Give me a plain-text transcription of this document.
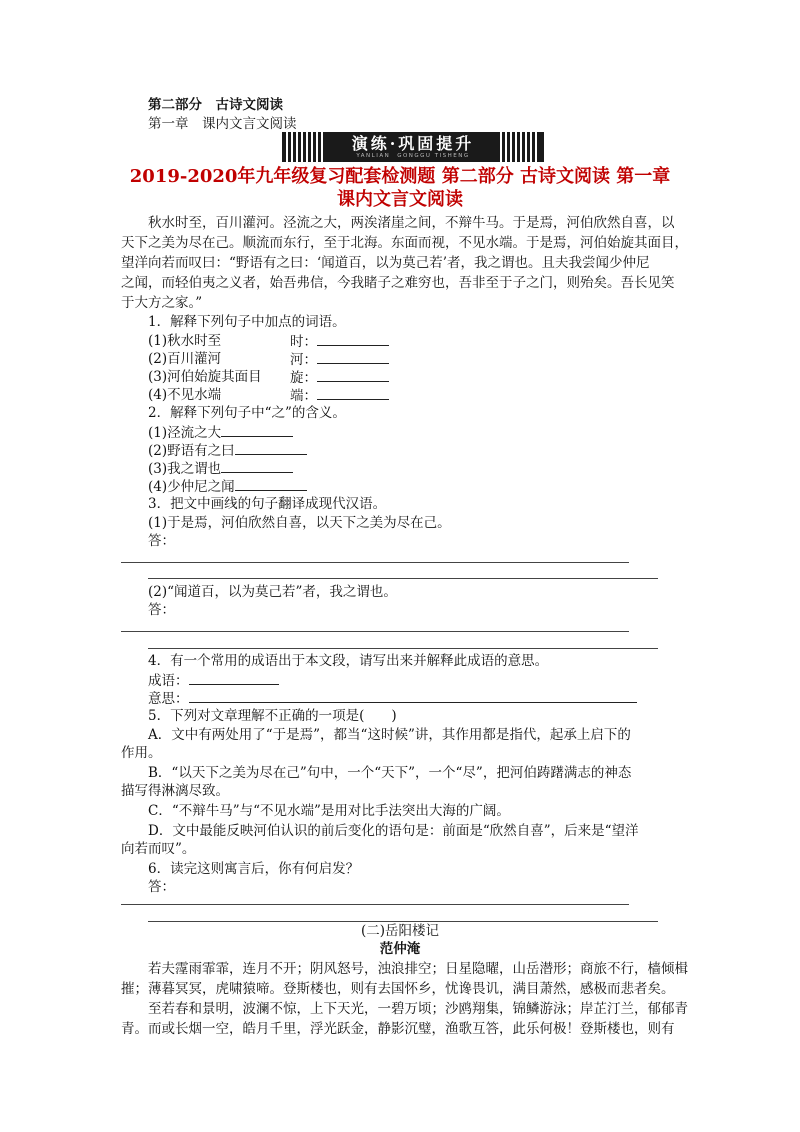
第二部分　古诗文阅读
第一章　课内文言文阅读
演练·巩固提升
YANLIAN　GONGGU TISHENG
2019-2020年九年级复习配套检测题 第二部分 古诗文阅读 第一章
课内文言文阅读
秋水时至，百川灌河。泾流之大，两涘渚崖之间，不辩牛马。于是焉，河伯欣然自喜，以
天下之美为尽在己。顺流而东行，至于北海。东面而视，不见水端。于是焉，河伯始旋其面目，
望洋向若而叹曰：“野语有之曰：‘闻道百，以为莫己若’者，我之谓也。且夫我尝闻少仲尼
之闻，而轻伯夷之义者，始吾弗信，今我睹子之难穷也，吾非至于子之门，则殆矣。吾长见笑
于大方之家。”
1．解释下列句子中加点的词语。
(1)秋水时至	时：
(2)百川灌河	河：
(3)河伯始旋其面目 旋：
(4)不见水端	端：
2．解释下列句子中“之”的含义。
(1)泾流之大
(2)野语有之曰
(3)我之谓也
(4)少仲尼之闻
3．把文中画线的句子翻译成现代汉语。
(1)于是焉，河伯欣然自喜，以天下之美为尽在己。
答：
(2)“闻道百，以为莫己若”者，我之谓也。
答：
4．有一个常用的成语出于本文段，请写出来并解释此成语的意思。
成语：
意思：
5．下列对文章理解不正确的一项是(　　)
A．文中有两处用了“于是焉”，都当“这时候”讲，其作用都是指代，起承上启下的
作用。
B．“以天下之美为尽在己”句中，一个“天下”，一个“尽”，把河伯踌躇满志的神态
描写得淋漓尽致。
C．“不辩牛马”与“不见水端”是用对比手法突出大海的广阔。
D．文中最能反映河伯认识的前后变化的语句是：前面是“欣然自喜”，后来是“望洋
向若而叹”。
6．读完这则寓言后，你有何启发？
答：
(二)岳阳楼记
范仲淹
若夫霪雨霏霏，连月不开；阴风怒号，浊浪排空；日星隐曜，山岳潜形；商旅不行，樯倾楫
摧；薄暮冥冥，虎啸猿啼。登斯楼也，则有去国怀乡，忧谗畏讥，满目萧然，感极而悲者矣。
至若春和景明，波澜不惊，上下天光，一碧万顷；沙鸥翔集，锦鳞游泳；岸芷汀兰，郁郁青
青。而或长烟一空，皓月千里，浮光跃金，静影沉璧，渔歌互答，此乐何极！登斯楼也，则有
